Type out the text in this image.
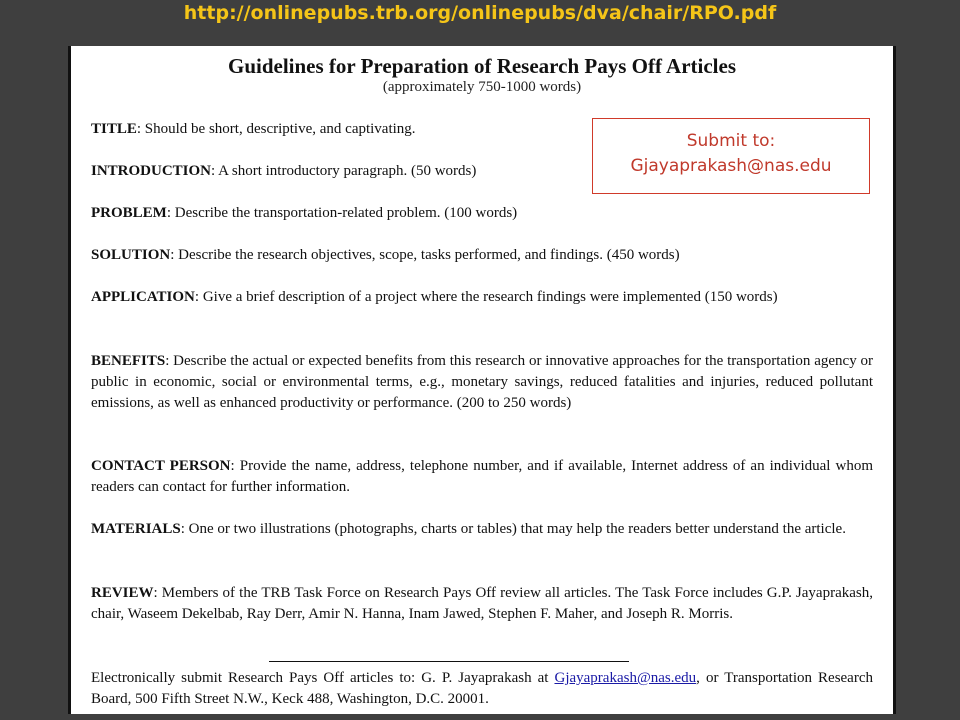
http://onlinepubs.trb.org/onlinepubs/dva/chair/RPO.pdf
Guidelines for Preparation of Research Pays Off Articles
(approximately 750-1000 words)
TITLE: Should be short, descriptive, and captivating.
INTRODUCTION: A short introductory paragraph. (50 words)
PROBLEM: Describe the transportation-related problem. (100 words)
SOLUTION: Describe the research objectives, scope, tasks performed, and findings. (450 words)
APPLICATION: Give a brief description of a project where the research findings were implemented (150 words)
BENEFITS: Describe the actual or expected benefits from this research or innovative approaches for the transportation agency or public in economic, social or environmental terms, e.g., monetary savings, reduced fatalities and injuries, reduced pollutant emissions, as well as enhanced productivity or performance. (200 to 250 words)
CONTACT PERSON: Provide the name, address, telephone number, and if available, Internet address of an individual whom readers can contact for further information.
MATERIALS: One or two illustrations (photographs, charts or tables) that may help the readers better understand the article.
REVIEW: Members of the TRB Task Force on Research Pays Off review all articles. The Task Force includes G.P. Jayaprakash, chair, Waseem Dekelbab, Ray Derr, Amir N. Hanna, Inam Jawed, Stephen F. Maher, and Joseph R. Morris.
Electronically submit Research Pays Off articles to: G. P. Jayaprakash at Gjayaprakash@nas.edu, or Transportation Research Board, 500 Fifth Street N.W., Keck 488, Washington, D.C. 20001.
Submit to:
Gjayaprakash@nas.edu
